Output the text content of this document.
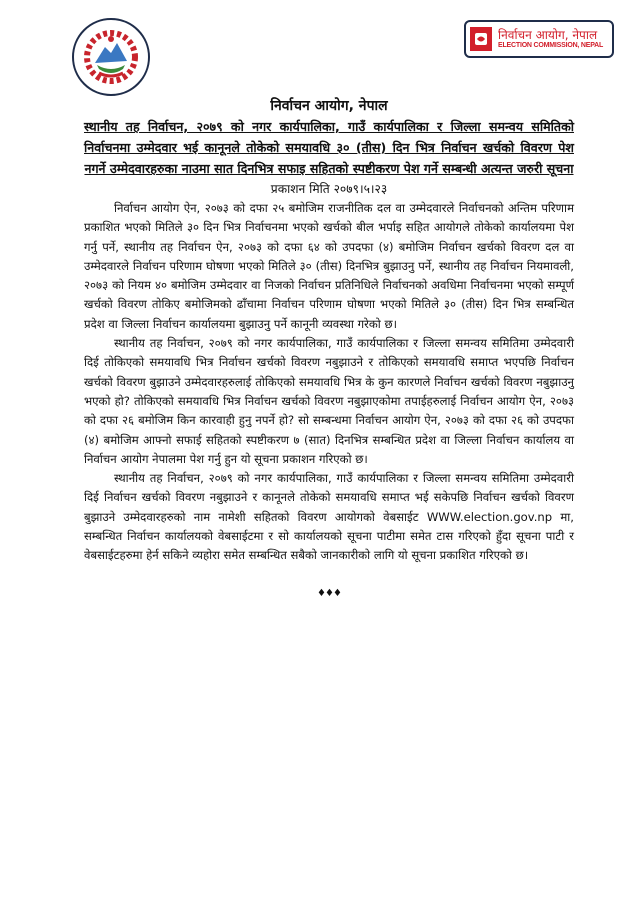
निर्वाचन आयोग, नेपाल
ELECTION COMMISSION, NEPAL
निर्वाचन आयोग, नेपाल
स्थानीय तह निर्वाचन, २०७९ को नगर कार्यपालिका, गाउँ कार्यपालिका र जिल्ला समन्वय समितिको निर्वाचनमा उम्मेदवार भई कानूनले तोकेको समयावधि ३० (तीस) दिन भित्र निर्वाचन खर्चको विवरण पेश नगर्ने उम्मेदवारहरुका नाउमा सात दिनभित्र सफाइ सहितको स्पष्टीकरण पेश गर्ने सम्बन्धी अत्यन्त जरुरी सूचना
प्रकाशन मिति २०७९।५।२३

निर्वाचन आयोग ऐन, २०७३ को दफा २५ बमोजिम राजनीतिक दल वा उम्मेदवारले निर्वाचनको अन्तिम परिणाम प्रकाशित भएको मितिले ३० दिन भित्र निर्वाचनमा भएको खर्चको बील भर्पाइ सहित आयोगले तोकेको कार्यालयमा पेश गर्नु पर्ने, स्थानीय तह निर्वाचन ऐन, २०७३ को दफा ६४ को उपदफा (४) बमोजिम निर्वाचन खर्चको विवरण दल वा उम्मेदवारले निर्वाचन परिणाम घोषणा भएको मितिले ३० (तीस) दिनभित्र बुझाउनु पर्ने, स्थानीय तह निर्वाचन नियमावली, २०७३ को नियम ४० बमोजिम उम्मेदवार वा निजको निर्वाचन प्रतिनिधिले निर्वाचनको अवधिमा निर्वाचनमा भएको सम्पूर्ण खर्चको विवरण तोकिए बमोजिमको ढाँचामा निर्वाचन परिणाम घोषणा भएको मितिले ३० (तीस) दिन भित्र सम्बन्धित प्रदेश वा जिल्ला निर्वाचन कार्यालयमा बुझाउनु पर्ने कानूनी व्यवस्था गरेको छ।

स्थानीय तह निर्वाचन, २०७९ को नगर कार्यपालिका, गाउँ कार्यपालिका र जिल्ला समन्वय समितिमा उम्मेदवारी दिई तोकिएको समयावधि भित्र निर्वाचन खर्चको विवरण नबुझाउने र तोकिएको समयावधि समाप्त भएपछि निर्वाचन खर्चको विवरण बुझाउने उम्मेदवारहरुलाई तोकिएको समयावधि भित्र के कुन कारणले निर्वाचन खर्चको विवरण नबुझाउनु भएको हो? तोकिएको समयावधि भित्र निर्वाचन खर्चको विवरण नबुझाएकोमा तपाईहरुलाई निर्वाचन आयोग ऐन, २०७३ को दफा २६ बमोजिम किन कारवाही हुनु नपर्ने हो? सो सम्बन्धमा निर्वाचन आयोग ऐन, २०७३ को दफा २६ को उपदफा (४) बमोजिम आफ्नो सफाई सहितको स्पष्टीकरण ७ (सात) दिनभित्र सम्बन्धित प्रदेश वा जिल्ला निर्वाचन कार्यालय वा निर्वाचन आयोग नेपालमा पेश गर्नु हुन यो सूचना प्रकाशन गरिएको छ।

स्थानीय तह निर्वाचन, २०७९ को नगर कार्यपालिका, गाउँ कार्यपालिका र जिल्ला समन्वय समितिमा उम्मेदवारी दिई निर्वाचन खर्चको विवरण नबुझाउने र कानूनले तोकेको समयावधि समाप्त भई सकेपछि निर्वाचन खर्चको विवरण बुझाउने उम्मेदवारहरुको नाम नामेशी सहितको विवरण आयोगको वेबसाईट WWW.election.gov.np मा, सम्बन्धित निर्वाचन कार्यालयको वेबसाईटमा र सो कार्यालयको सूचना पाटीमा समेत टास गरिएको हुँदा सूचना पाटी र वेबसाईटहरुमा हेर्न सकिने व्यहोरा समेत सम्बन्धित सबैको जानकारीको लागि यो सूचना प्रकाशित गरिएको छ।

♦♦♦
